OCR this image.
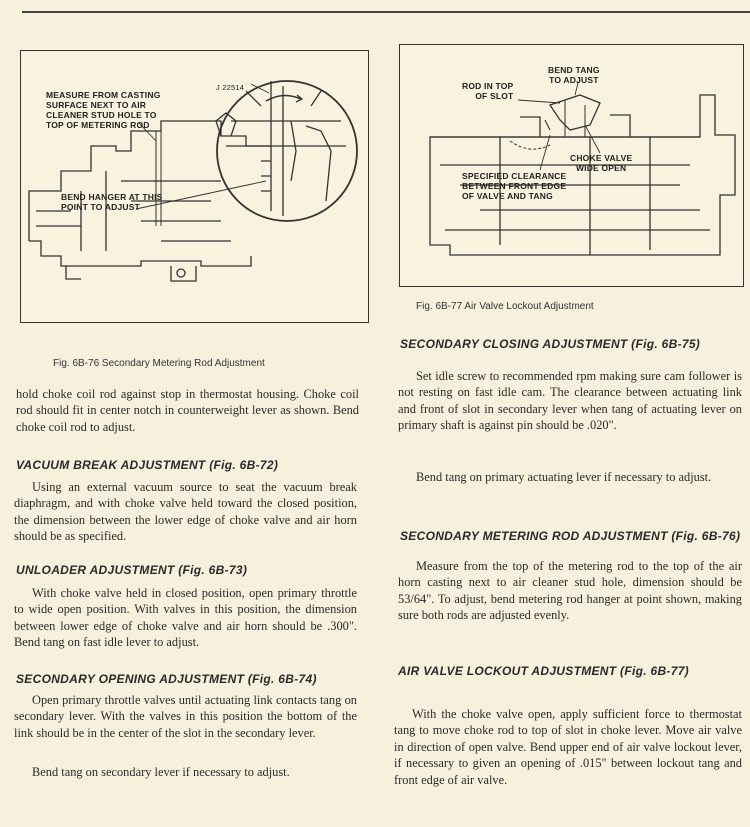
MEASURE FROM CASTING
SURFACE NEXT TO AIR
CLEANER STUD HOLE TO
TOP OF METERING ROD
J 22514
BEND HANGER AT THIS
POINT TO ADJUST
Fig. 6B-76 Secondary Metering Rod Adjustment
BEND TANG
TO ADJUST
ROD IN TOP
OF SLOT
CHOKE VALVE
WIDE OPEN
SPECIFIED CLEARANCE
BETWEEN FRONT EDGE
OF VALVE AND TANG
Fig. 6B-77 Air Valve Lockout Adjustment
hold choke coil rod against stop in thermostat housing. Choke coil rod should fit in center notch in counterweight lever as shown. Bend choke coil rod to adjust.
VACUUM BREAK ADJUSTMENT (Fig. 6B-72)
Using an external vacuum source to seat the vacuum break diaphragm, and with choke valve held toward the closed position, the dimension between the lower edge of choke valve and air horn should be as specified.
UNLOADER ADJUSTMENT (Fig. 6B-73)
With choke valve held in closed position, open primary throttle to wide open position. With valves in this position, the dimension between lower edge of choke valve and air horn should be .300". Bend tang on fast idle lever to adjust.
SECONDARY OPENING ADJUSTMENT (Fig. 6B-74)
Open primary throttle valves until actuating link contacts tang on secondary lever. With the valves in this position the bottom of the link should be in the center of the slot in the secondary lever.
Bend tang on secondary lever if necessary to adjust.
SECONDARY CLOSING ADJUSTMENT (Fig. 6B-75)
Set idle screw to recommended rpm making sure cam follower is not resting on fast idle cam. The clearance between actuating link and front of slot in secondary lever when tang of actuating lever on primary shaft is against pin should be .020".
Bend tang on primary actuating lever if necessary to adjust.
SECONDARY METERING ROD ADJUSTMENT (Fig. 6B-76)
Measure from the top of the metering rod to the top of the air horn casting next to air cleaner stud hole, dimension should be 53/64". To adjust, bend metering rod hanger at point shown, making sure both rods are adjusted evenly.
AIR VALVE LOCKOUT ADJUSTMENT (Fig. 6B-77)
With the choke valve open, apply sufficient force to thermostat tang to move choke rod to top of slot in choke lever. Move air valve in direction of open valve. Bend upper end of air valve lockout lever, if necessary to given an opening of .015" between lockout tang and front edge of air valve.
